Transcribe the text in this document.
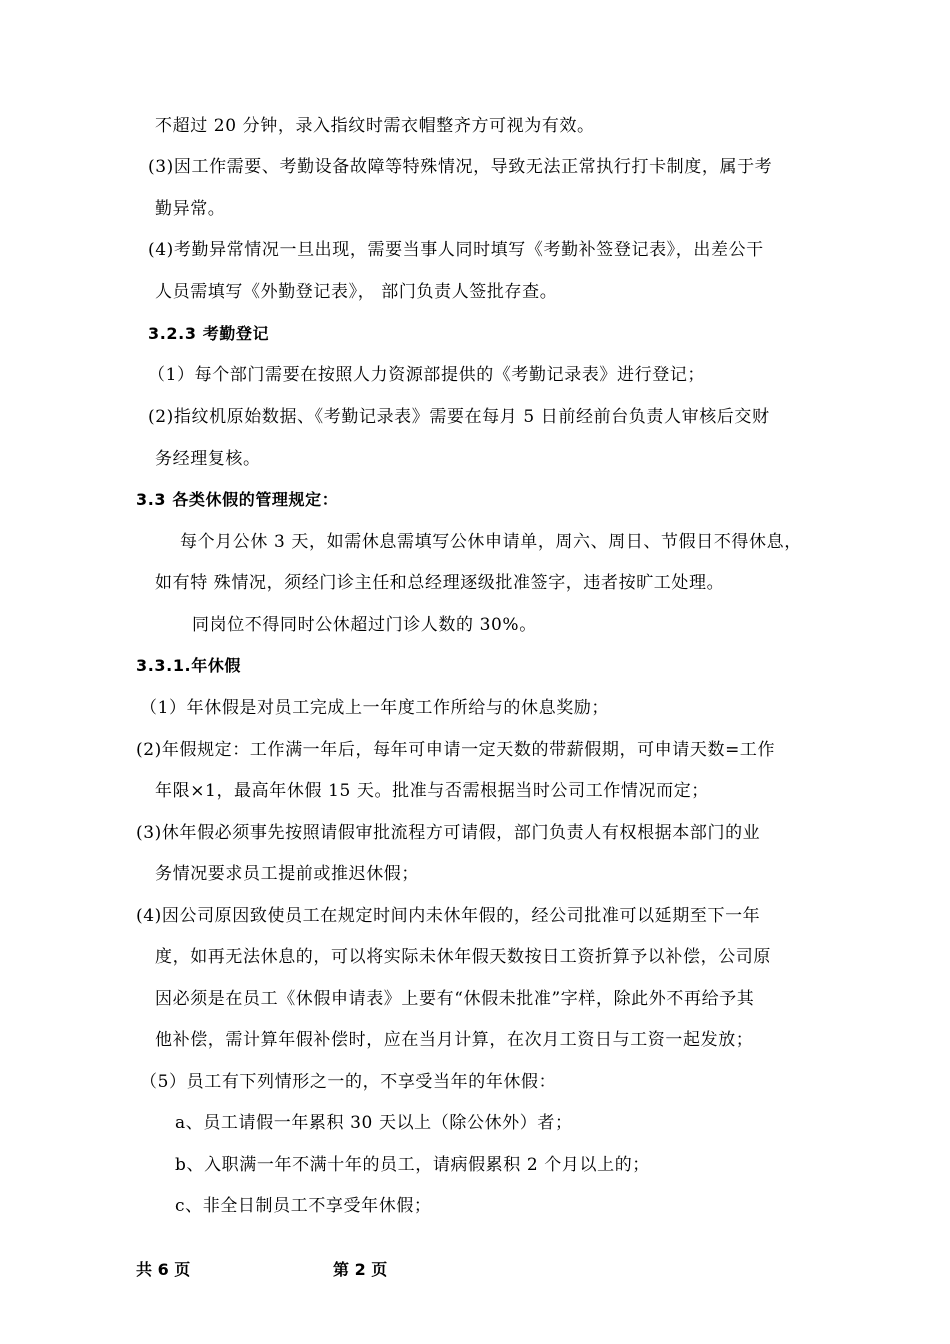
不超过 20 分钟，录入指纹时需衣帽整齐方可视为有效。
(3)因工作需要、考勤设备故障等特殊情况，导致无法正常执行打卡制度，属于考
勤异常。
(4)考勤异常情况一旦出现，需要当事人同时填写《考勤补签登记表》，出差公干
人员需填写《外勤登记表》， 部门负责人签批存查。
3.2.3 考勤登记
（1）每个部门需要在按照人力资源部提供的《考勤记录表》进行登记；
(2)指纹机原始数据、《考勤记录表》需要在每月 5 日前经前台负责人审核后交财
务经理复核。
3.3 各类休假的管理规定：
每个月公休 3 天，如需休息需填写公休申请单，周六、周日、节假日不得休息，
如有特 殊情况，须经门诊主任和总经理逐级批准签字，违者按旷工处理。
同岗位不得同时公休超过门诊人数的 30%。
3.3.1.年休假
（1）年休假是对员工完成上一年度工作所给与的休息奖励；
(2)年假规定：工作满一年后，每年可申请一定天数的带薪假期，可申请天数=工作
年限×1，最高年休假 15 天。批准与否需根据当时公司工作情况而定；
(3)休年假必须事先按照请假审批流程方可请假，部门负责人有权根据本部门的业
务情况要求员工提前或推迟休假；
(4)因公司原因致使员工在规定时间内未休年假的，经公司批准可以延期至下一年
度，如再无法休息的，可以将实际未休年假天数按日工资折算予以补偿，公司原
因必须是在员工《休假申请表》上要有“休假未批准”字样，除此外不再给予其
他补偿，需计算年假补偿时，应在当月计算，在次月工资日与工资一起发放；
（5）员工有下列情形之一的，不享受当年的年休假：
a、员工请假一年累积 30 天以上（除公休外）者；
b、入职满一年不满十年的员工，请病假累积 2 个月以上的；
c、非全日制员工不享受年休假；
共 6 页	第 2 页
